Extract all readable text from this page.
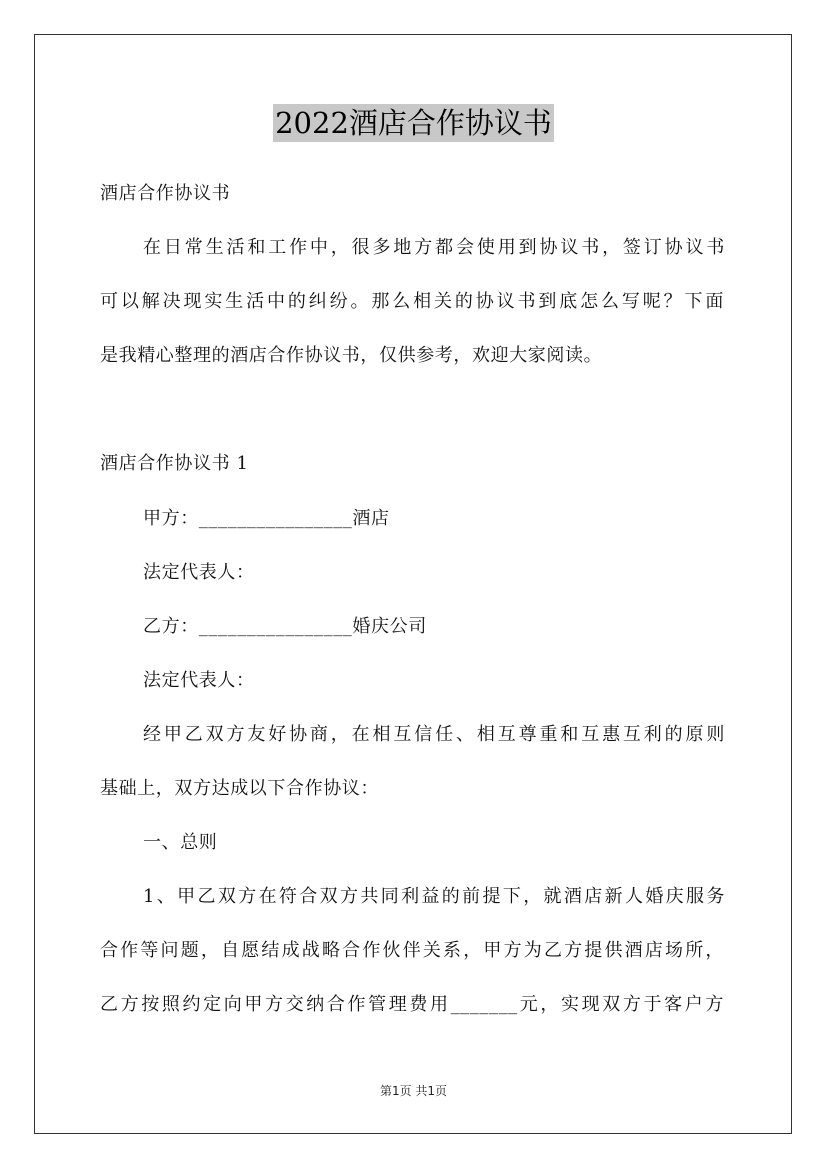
2022酒店合作协议书
酒店合作协议书
在日常生活和工作中，很多地方都会使用到协议书，签订协议书
可以解决现实生活中的纠纷。那么相关的协议书到底怎么写呢？下面
是我精心整理的酒店合作协议书，仅供参考，欢迎大家阅读。
酒店合作协议书 1
甲方：________________酒店
法定代表人：
乙方：________________婚庆公司
法定代表人：
经甲乙双方友好协商，在相互信任、相互尊重和互惠互利的原则
基础上，双方达成以下合作协议：
一、总则
1、甲乙双方在符合双方共同利益的前提下，就酒店新人婚庆服务
合作等问题，自愿结成战略合作伙伴关系，甲方为乙方提供酒店场所，
乙方按照约定向甲方交纳合作管理费用_______元，实现双方于客户方
第1页 共1页
